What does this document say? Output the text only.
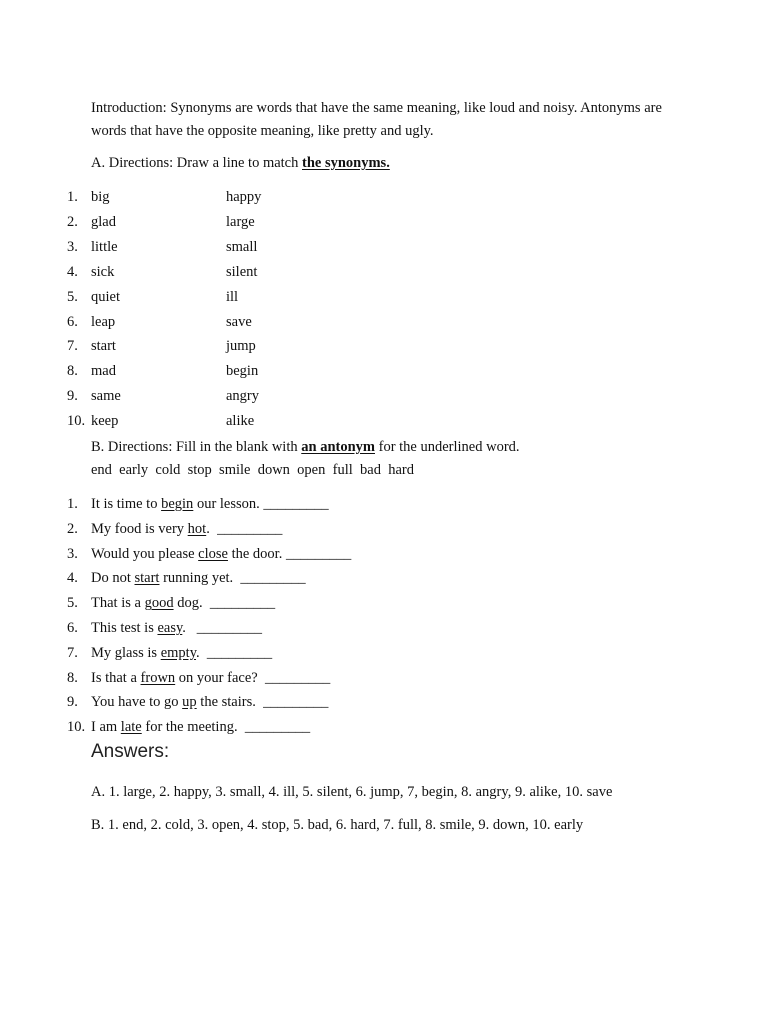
Introduction: Synonyms are words that have the same meaning, like loud and noisy. Antonyms are words that have the opposite meaning, like pretty and ugly.
A. Directions: Draw a line to match the synonyms.
1. big	happy
2. glad	large
3. little	small
4. sick	silent
5. quiet	ill
6. leap	save
7. start	jump
8. mad	begin
9. same	angry
10. keep	alike
B. Directions: Fill in the blank with an antonym for the underlined word.
end  early  cold  stop  smile  down  open  full  bad  hard
1. It is time to begin our lesson. _________
2. My food is very hot.  _________
3. Would you please close the door. _________
4. Do not start running yet.  _________
5. That is a good dog.  _________
6. This test is easy.   _________
7. My glass is empty.  _________
8. Is that a frown on your face?  _________
9. You have to go up the stairs.  _________
10. I am late for the meeting.  _________
Answers:
A. 1. large, 2. happy, 3. small, 4. ill, 5. silent, 6. jump, 7, begin, 8. angry, 9. alike, 10. save
B. 1. end, 2. cold, 3. open, 4. stop, 5. bad, 6. hard, 7. full, 8. smile, 9. down, 10. early
